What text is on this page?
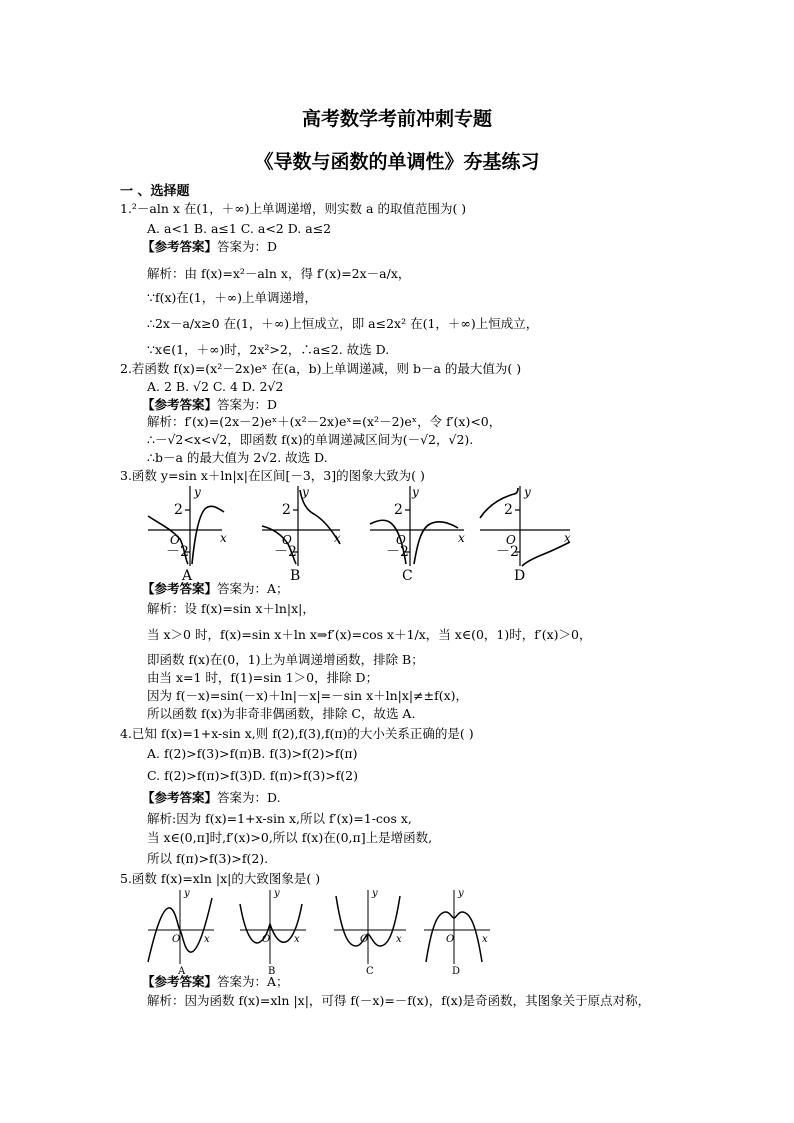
高考数学考前冲刺专题
《导数与函数的单调性》夯基练习
一 、选择题
1.²－aln x 在(1，＋∞)上单调递增，则实数 a 的取值范围为( )
A. a<1 B. a≤1 C. a<2 D. a≤2
【参考答案】答案为：D
解析：由 f(x)=x²－aln x，得 f′(x)=2x－a/x，
∵f(x)在(1，＋∞)上单调递增，
∴2x－a/x≥0 在(1，＋∞)上恒成立，即 a≤2x² 在(1，＋∞)上恒成立，
∵x∈(1，＋∞)时，2x²>2，∴a≤2. 故选 D.
2.若函数 f(x)=(x²－2x)eˣ 在(a，b)上单调递减，则 b－a 的最大值为( )
A. 2 B. √2 C. 4 D. 2√2
【参考答案】答案为：D
解析：f′(x)=(2x－2)eˣ＋(x²－2x)eˣ=(x²－2)eˣ，令 f′(x)<0，
∴－√2<x<√2，即函数 f(x)的单调递减区间为(－√2，√2).
∴b－a 的最大值为 2√2. 故选 D.
3.函数 y=sin x＋ln|x|在区间[－3，3]的图象大致为( )
y
x
2
O
－2
A
y
x
2
O
－2
B
y
x
2
O
－2
C
y
x
2
O
－2
D
【参考答案】答案为：A；
解析：设 f(x)=sin x＋ln|x|，
当 x＞0 时，f(x)=sin x＋ln x⇒f′(x)=cos x＋1/x，当 x∈(0，1)时，f′(x)＞0，
即函数 f(x)在(0，1)上为单调递增函数，排除 B；
由当 x=1 时，f(1)=sin 1＞0，排除 D；
因为 f(－x)=sin(－x)＋ln|－x|=－sin x＋ln|x|≠±f(x)，
所以函数 f(x)为非奇非偶函数，排除 C，故选 A.
4.已知 f(x)=1+x-sin x,则 f(2),f(3),f(π)的大小关系正确的是( )
A. f(2)>f(3)>f(π)B. f(3)>f(2)>f(π)
C. f(2)>f(π)>f(3)D. f(π)>f(3)>f(2)
【参考答案】答案为：D.
解析:因为 f(x)=1+x-sin x,所以 f′(x)=1-cos x,
当 x∈(0,π]时,f′(x)>0,所以 f(x)在(0,π]上是增函数,
所以 f(π)>f(3)>f(2).
5.函数 f(x)=xln |x|的大致图象是( )
y
x
O
y
x
O
y
x
O
y
x
O
A	B	C	D
【参考答案】答案为：A；
解析：因为函数 f(x)=xln |x|，可得 f(－x)=－f(x)，f(x)是奇函数，其图象关于原点对称，
